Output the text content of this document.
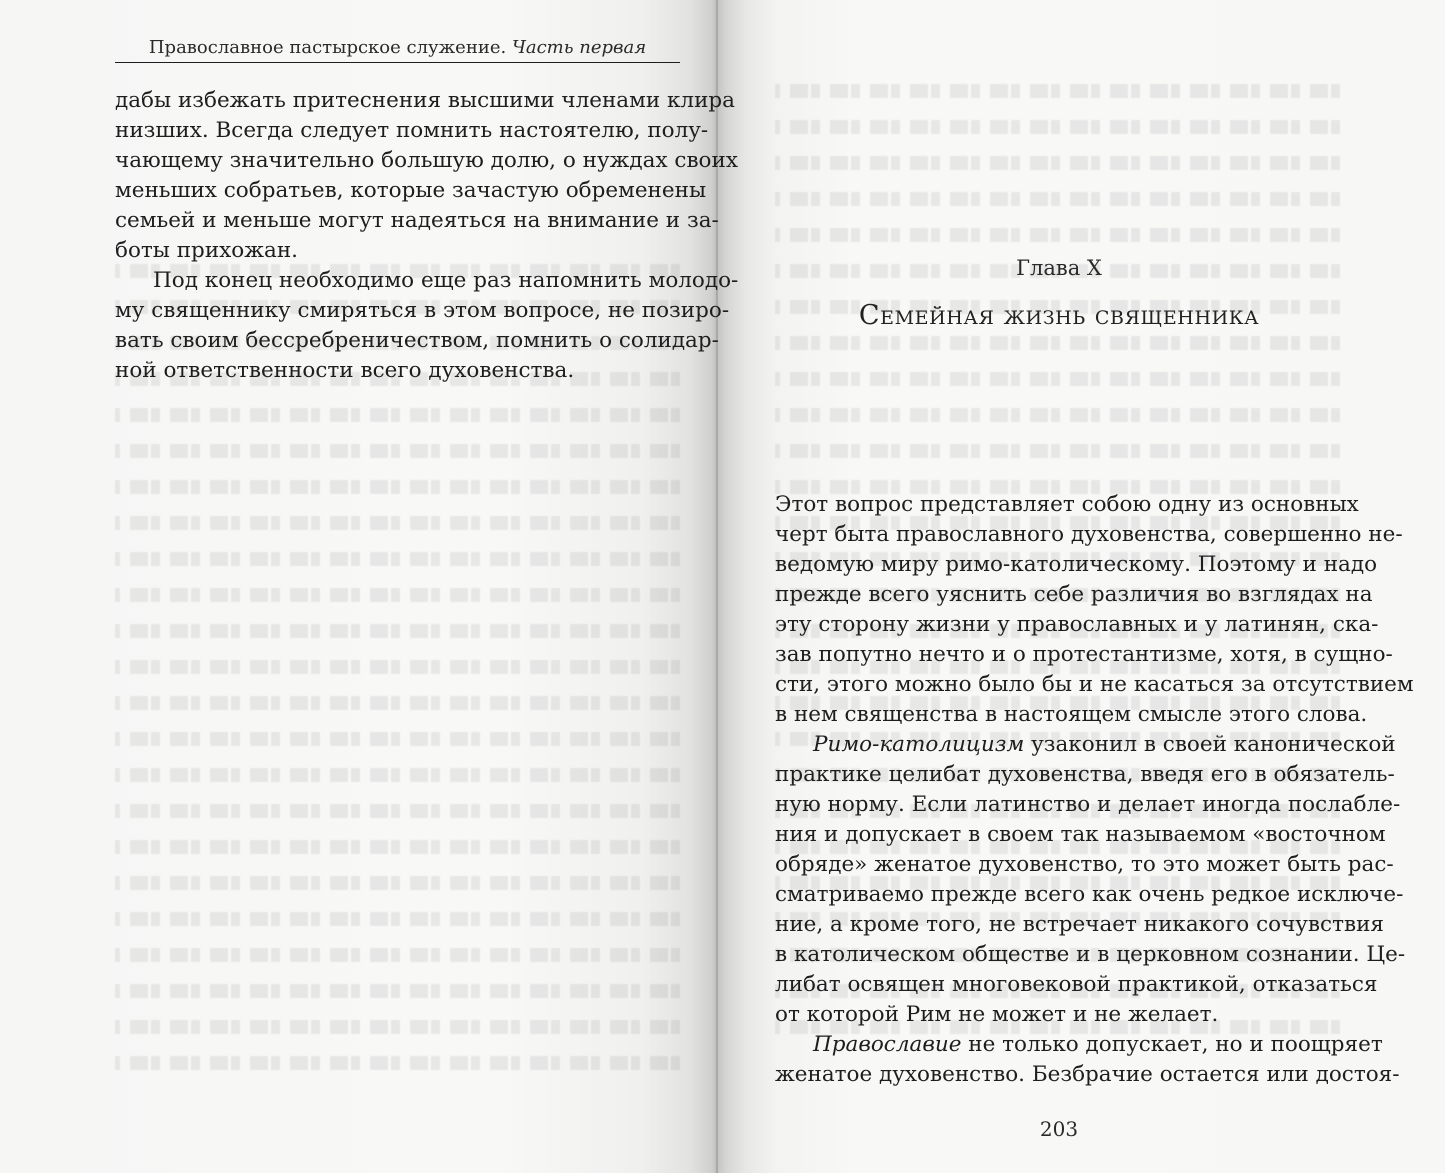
Православное пастырское служение. Часть первая
дабы избежать притеснения высшими членами клира
низших. Всегда следует помнить настоятелю, полу-
чающему значительно большую долю, о нуждах своих
меньших собратьев, которые зачастую обременены
семьей и меньше могут надеяться на внимание и за-
боты прихожан.
Под конец необходимо еще раз напомнить молодо-
му священнику смиряться в этом вопросе, не позиро-
вать своим бессребреничеством, помнить о солидар-
ной ответственности всего духовенства.
Глава X
Семейная жизнь священника
Этот вопрос представляет собою одну из основных
черт быта православного духовенства, совершенно не-
ведомую миру римо-католическому. Поэтому и надо
прежде всего уяснить себе различия во взглядах на
эту сторону жизни у православных и у латинян, ска-
зав попутно нечто и о протестантизме, хотя, в сущно-
сти, этого можно было бы и не касаться за отсутствием
в нем священства в настоящем смысле этого слова.
Римо-католицизм узаконил в своей канонической
практике целибат духовенства, введя его в обязатель-
ную норму. Если латинство и делает иногда послабле-
ния и допускает в своем так называемом «восточном
обряде» женатое духовенство, то это может быть рас-
сматриваемо прежде всего как очень редкое исключе-
ние, а кроме того, не встречает никакого сочувствия
в католическом обществе и в церковном сознании. Це-
либат освящен многовековой практикой, отказаться
от которой Рим не может и не желает.
Православие не только допускает, но и поощряет
женатое духовенство. Безбрачие остается или достоя-
203
